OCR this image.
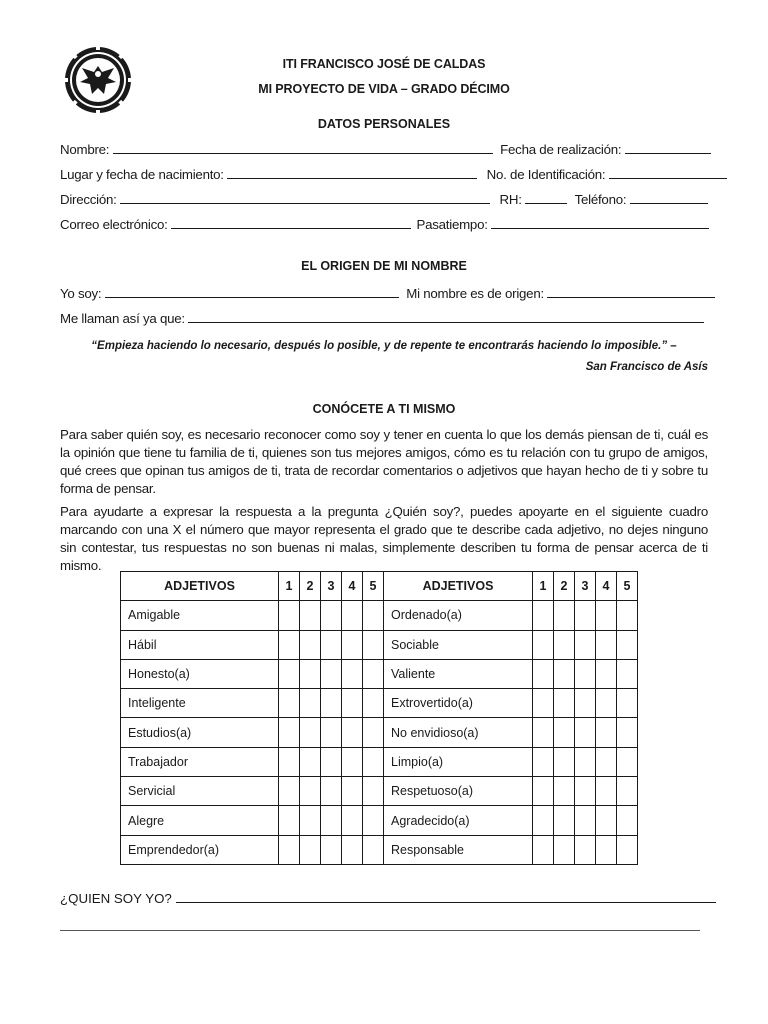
ITI FRANCISCO JOSÉ DE CALDAS
MI PROYECTO DE VIDA – GRADO DÉCIMO
DATOS PERSONALES
Nombre:	Fecha de realización:
Lugar y fecha de nacimiento:	No. de Identificación:
Dirección:	RH:	Teléfono:
Correo electrónico:	Pasatiempo:
EL ORIGEN DE MI NOMBRE
Yo soy:	Mi nombre es de origen:
Me llaman así ya que:
“Empieza haciendo lo necesario, después lo posible, y de repente te encontrarás haciendo lo imposible.” –
San Francisco de Asís
CONÓCETE A TI MISMO
Para saber quién soy, es necesario reconocer como soy y tener en cuenta lo que los demás piensan de ti, cuál es la opinión que tiene tu familia de ti, quienes son tus mejores amigos, cómo es tu relación con tu grupo de amigos, qué crees que opinan tus amigos de ti, trata de recordar comentarios o adjetivos que hayan hecho de ti y sobre tu forma de pensar.
Para ayudarte a expresar la respuesta a la pregunta ¿Quién soy?, puedes apoyarte en el siguiente cuadro marcando con una X el número que mayor representa el grado que te describe cada adjetivo, no dejes ninguno sin contestar, tus respuestas no son buenas ni malas, simplemente describen tu forma de pensar acerca de ti mismo.
ADJETIVOS	1	2	3	4	5	ADJETIVOS	1	2	3	4	5
Amigable						Ordenado(a)					
Hábil						Sociable					
Honesto(a)						Valiente					
Inteligente						Extrovertido(a)					
Estudios(a)						No envidioso(a)					
Trabajador						Limpio(a)					
Servicial						Respetuoso(a)					
Alegre						Agradecido(a)					
Emprendedor(a)						Responsable					
¿QUIEN SOY YO?
